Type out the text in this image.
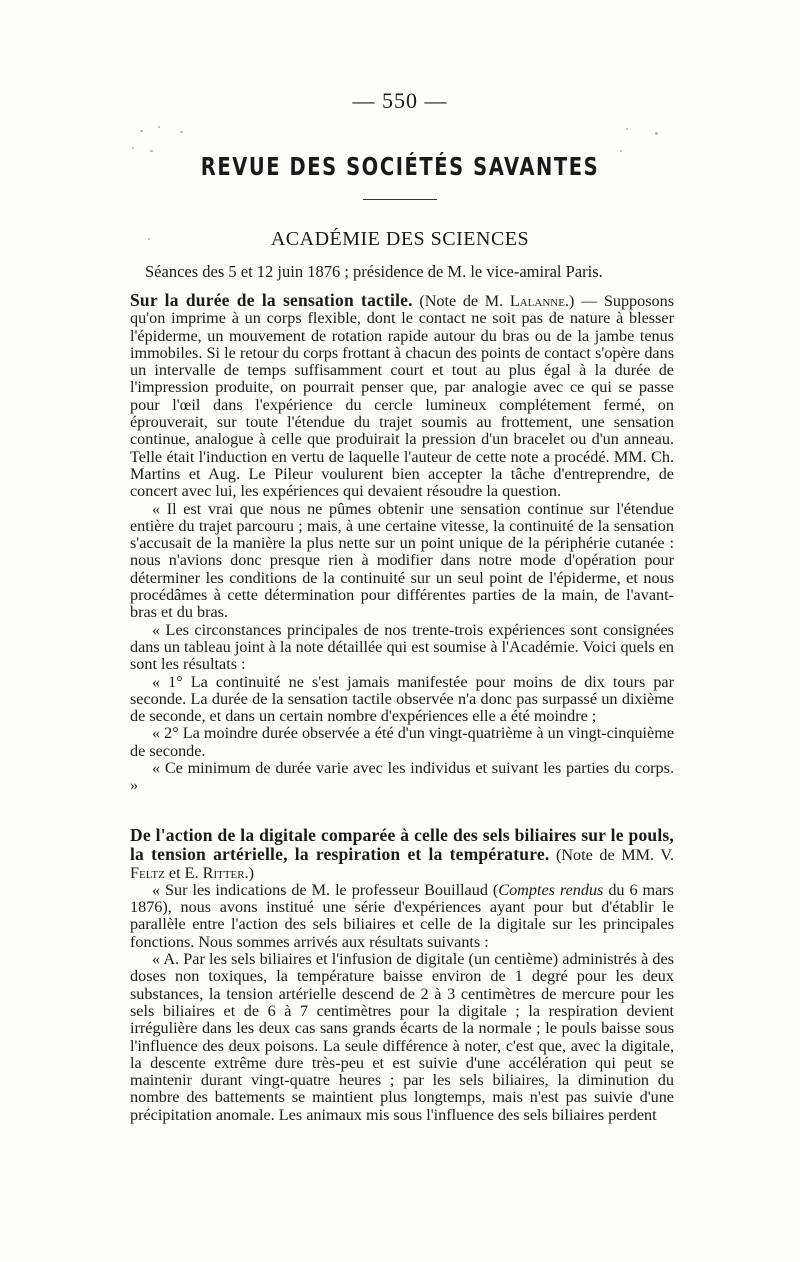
— 550 —
REVUE DES SOCIÉTÉS SAVANTES
ACADÉMIE DES SCIENCES
Séances des 5 et 12 juin 1876 ; présidence de M. le vice-amiral Paris.

Sur la durée de la sensation tactile. (Note de M. Lalanne.) — Supposons qu'on imprime à un corps flexible, dont le contact ne soit pas de nature à blesser l'épiderme, un mouvement de rotation rapide autour du bras ou de la jambe tenus immobiles. Si le retour du corps frottant à chacun des points de contact s'opère dans un intervalle de temps suffisamment court et tout au plus égal à la durée de l'impression produite, on pourrait penser que, par analogie avec ce qui se passe pour l'œil dans l'expérience du cercle lumineux complétement fermé, on éprouverait, sur toute l'étendue du trajet soumis au frottement, une sensation continue, analogue à celle que produirait la pression d'un bracelet ou d'un anneau. Telle était l'induction en vertu de laquelle l'auteur de cette note a procédé. MM. Ch. Martins et Aug. Le Pileur voulurent bien accepter la tâche d'entreprendre, de concert avec lui, les expériences qui devaient résoudre la question.

« Il est vrai que nous ne pûmes obtenir une sensation continue sur l'étendue entière du trajet parcouru ; mais, à une certaine vitesse, la continuité de la sensation s'accusait de la manière la plus nette sur un point unique de la périphérie cutanée : nous n'avions donc presque rien à modifier dans notre mode d'opération pour déterminer les conditions de la continuité sur un seul point de l'épiderme, et nous procédâmes à cette détermination pour différentes parties de la main, de l'avant-bras et du bras.

« Les circonstances principales de nos trente-trois expériences sont consignées dans un tableau joint à la note détaillée qui est soumise à l'Académie. Voici quels en sont les résultats :

« 1° La continuité ne s'est jamais manifestée pour moins de dix tours par seconde. La durée de la sensation tactile observée n'a donc pas surpassé un dixième de seconde, et dans un certain nombre d'expériences elle a été moindre ;

« 2° La moindre durée observée a été d'un vingt-quatrième à un vingt-cinquième de seconde.

« Ce minimum de durée varie avec les individus et suivant les parties du corps. »

De l'action de la digitale comparée à celle des sels biliaires sur le pouls, la tension artérielle, la respiration et la température. (Note de MM. V. Feltz et E. Ritter.)

« Sur les indications de M. le professeur Bouillaud (Comptes rendus du 6 mars 1876), nous avons institué une série d'expériences ayant pour but d'établir le parallèle entre l'action des sels biliaires et celle de la digitale sur les principales fonctions. Nous sommes arrivés aux résultats suivants :

« A. Par les sels biliaires et l'infusion de digitale (un centième) administrés à des doses non toxiques, la température baisse environ de 1 degré pour les deux substances, la tension artérielle descend de 2 à 3 centimètres de mercure pour les sels biliaires et de 6 à 7 centimètres pour la digitale ; la respiration devient irrégulière dans les deux cas sans grands écarts de la normale ; le pouls baisse sous l'influence des deux poisons. La seule différence à noter, c'est que, avec la digitale, la descente extrême dure très-peu et est suivie d'une accélération qui peut se maintenir durant vingt-quatre heures ; par les sels biliaires, la diminution du nombre des battements se maintient plus longtemps, mais n'est pas suivie d'une précipitation anomale. Les animaux mis sous l'influence des sels biliaires perdent
